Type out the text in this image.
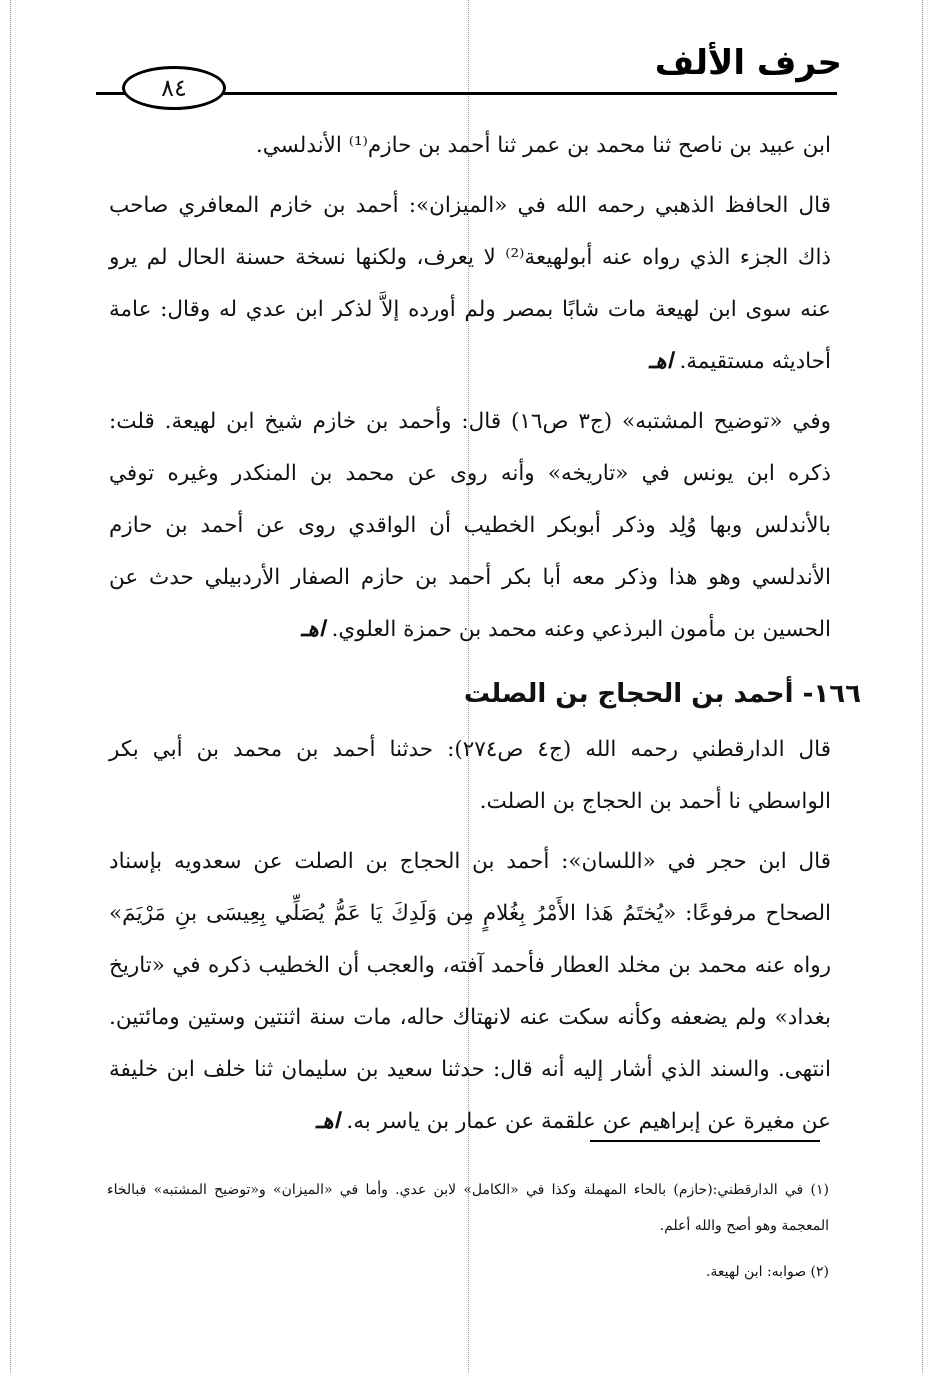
حرف الألف
٨٤

ابن عبيد بن ناصح ثنا محمد بن عمر ثنا أحمد بن حازم⁽¹⁾ الأندلسي.

قال الحافظ الذهبي رحمه الله في «الميزان»: أحمد بن خازم المعافري صاحب ذاك الجزء الذي رواه عنه أبولهيعة⁽²⁾ لا يعرف، ولكنها نسخة حسنة الحال لم يرو عنه سوى ابن لهيعة مات شابًا بمصر ولم أورده إلاَّ لذكر ابن عدي له وقال: عامة أحاديثه مستقيمة. اهـ

وفي «توضيح المشتبه» (ج٣ ص١٦) قال: وأحمد بن خازم شيخ ابن لهيعة. قلت: ذكره ابن يونس في «تاريخه» وأنه روى عن محمد بن المنكدر وغيره توفي بالأندلس وبها وُلِد وذكر أبوبكر الخطيب أن الواقدي روى عن أحمد بن حازم الأندلسي وهو هذا وذكر معه أبا بكر أحمد بن حازم الصفار الأردبيلي حدث عن الحسين بن مأمون البرذعي وعنه محمد بن حمزة العلوي. اهـ

١٦٦- أحمد بن الحجاج بن الصلت

قال الدارقطني رحمه الله (ج٤ ص٢٧٤): حدثنا أحمد بن محمد بن أبي بكر الواسطي نا أحمد بن الحجاج بن الصلت.

قال ابن حجر في «اللسان»: أحمد بن الحجاج بن الصلت عن سعدويه بإسناد الصحاح مرفوعًا: «يُختَمُ هَذا الأَمْرُ بِغُلامٍ مِن وَلَدِكَ يَا عَمُّ يُصَلِّي بِعِيسَى بنِ مَرْيَمَ» رواه عنه محمد بن مخلد العطار فأحمد آفته، والعجب أن الخطيب ذكره في «تاريخ بغداد» ولم يضعفه وكأنه سكت عنه لانهتاك حاله، مات سنة اثنتين وستين ومائتين. انتهى. والسند الذي أشار إليه أنه قال: حدثنا سعيد بن سليمان ثنا خلف ابن خليفة عن مغيرة عن إبراهيم عن علقمة عن عمار بن ياسر به. اهـ

(١) في الدارقطني:(حازم) بالحاء المهملة وكذا في «الكامل» لابن عدي. وأما في «الميزان» و«توضيح المشتبه» فبالخاء المعجمة وهو أصح والله أعلم.

(٢) صوابه: ابن لهيعة.
